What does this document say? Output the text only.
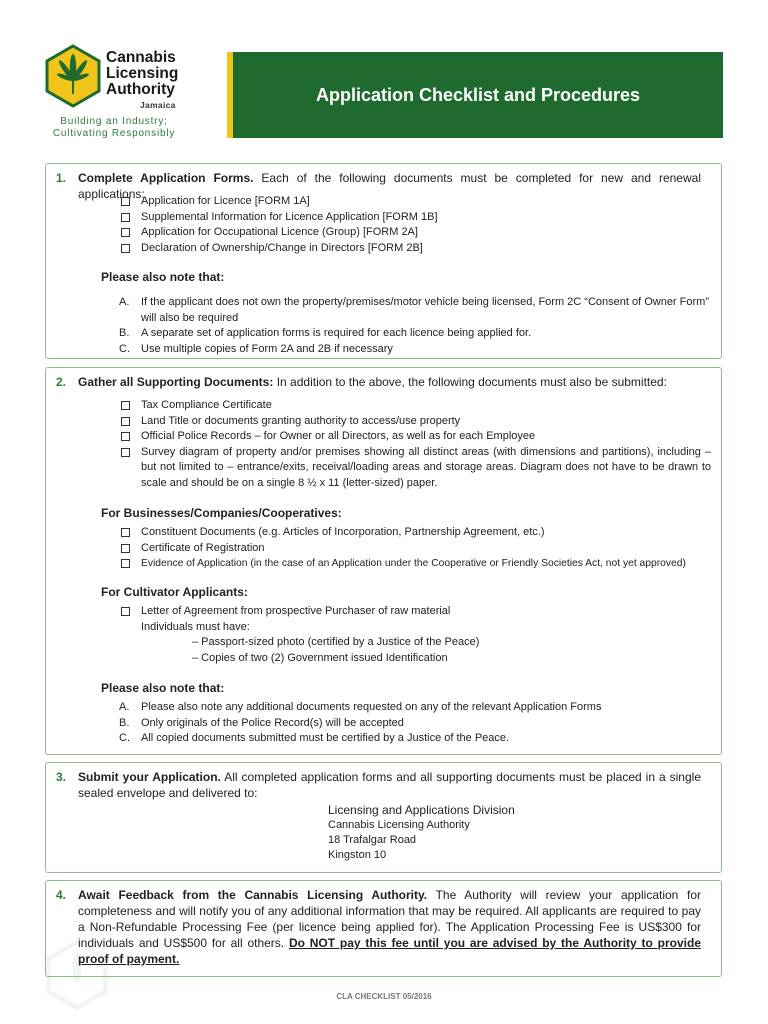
Cannabis
Licensing
Authority
Jamaica
Building an Industry;
Cultivating Responsibly
Application Checklist and Procedures
1. Complete Application Forms. Each of the following documents must be completed for new and renewal applications:
Application for Licence [FORM 1A]
Supplemental Information for Licence Application [FORM 1B]
Application for Occupational Licence (Group) [FORM 2A]
Declaration of Ownership/Change in Directors [FORM 2B]
Please also note that:
A. If the applicant does not own the property/premises/motor vehicle being licensed, Form 2C “Consent of Owner Form” will also be required
B. A separate set of application forms is required for each licence being applied for.
C. Use multiple copies of Form 2A and 2B if necessary
2. Gather all Supporting Documents: In addition to the above, the following documents must also be submitted:
Tax Compliance Certificate
Land Title or documents granting authority to access/use property
Official Police Records – for Owner or all Directors, as well as for each Employee
Survey diagram of property and/or premises showing all distinct areas (with dimensions and partitions), including – but not limited to – entrance/exits, receival/loading areas and storage areas. Diagram does not have to be drawn to scale and should be on a single 8 ½ x 11 (letter-sized) paper.
For Businesses/Companies/Cooperatives:
Constituent Documents (e.g. Articles of Incorporation, Partnership Agreement, etc.)
Certificate of Registration
Evidence of Application (in the case of an Application under the Cooperative or Friendly Societies Act, not yet approved)
For Cultivator Applicants:
Letter of Agreement from prospective Purchaser of raw material
Individuals must have:
– Passport-sized photo (certified by a Justice of the Peace)
– Copies of two (2) Government issued Identification
Please also note that:
A. Please also note any additional documents requested on any of the relevant Application Forms
B. Only originals of the Police Record(s) will be accepted
C. All copied documents submitted must be certified by a Justice of the Peace.
3. Submit your Application. All completed application forms and all supporting documents must be placed in a single sealed envelope and delivered to:
Licensing and Applications Division
Cannabis Licensing Authority
18 Trafalgar Road
Kingston 10
4. Await Feedback from the Cannabis Licensing Authority. The Authority will review your application for completeness and will notify you of any additional information that may be required. All applicants are required to pay a Non-Refundable Processing Fee (per licence being applied for). The Application Processing Fee is US$300 for individuals and US$500 for all others. Do NOT pay this fee until you are advised by the Authority to provide proof of payment.
CLA CHECKLIST 05/2016
